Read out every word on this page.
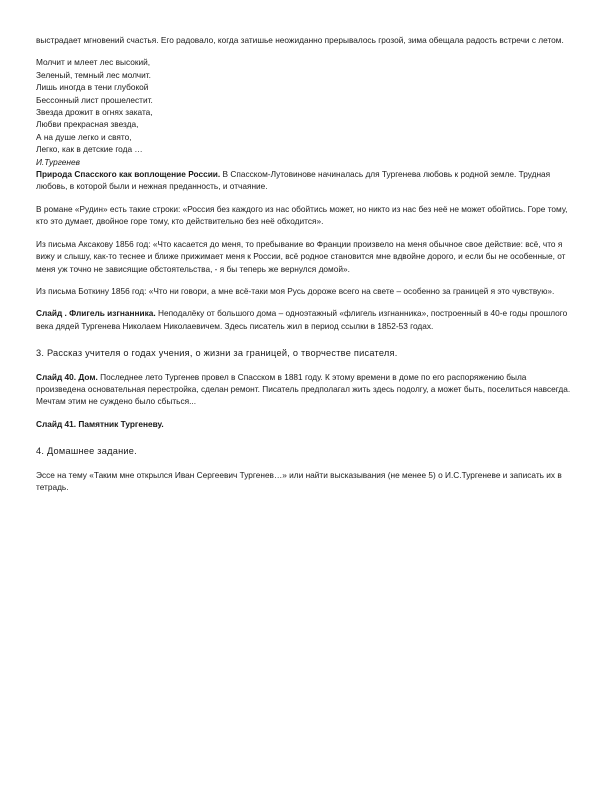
выстрадает мгновений счастья. Его радовало, когда затишье неожиданно прерывалось грозой, зима обещала радость встречи с летом.

Молчит и млеет лес высокий,
Зеленый, темный лес молчит.
Лишь иногда в тени глубокой
Бессонный лист прошелестит.
Звезда дрожит в огнях заката,
Любви прекрасная звезда,
А на душе легко и свято,
Легко, как в детские года …
И.Тургенев

Природа Спасского как воплощение России. В Спасском-Лутовинове начиналась для Тургенева любовь к родной земле. Трудная любовь, в которой были и нежная преданность, и отчаяние.

В романе «Рудин» есть такие строки: «Россия без каждого из нас обойтись может, но никто из нас без неё не может обойтись. Горе тому, кто это думает, двойное горе тому, кто действительно без неё обходится».

Из письма Аксакову 1856 год: «Что касается до меня, то пребывание во Франции произвело на меня обычное свое действие: всё, что я вижу и слышу, как-то теснее и ближе прижимает меня к России, всё родное становится мне вдвойне дорого, и если бы не особенные, от меня уж точно не зависящие обстоятельства, - я бы теперь же вернулся домой».

Из письма Боткину 1856 год: «Что ни говори, а мне всё-таки моя Русь дороже всего на свете – особенно за границей я это чувствую».

Слайд . Флигель изгнанника. Неподалёку от большого дома – одноэтажный «флигель изгнанника», построенный в 40-е годы прошлого века дядей Тургенева Николаем Николаевичем. Здесь писатель жил в период ссылки в 1852-53 годах.

3. Рассказ учителя о годах учения, о жизни за границей, о творчестве писателя.

Слайд 40. Дом. Последнее лето Тургенев провел в Спасском в 1881 году. К этому времени в доме по его распоряжению была произведена основательная перестройка, сделан ремонт. Писатель предполагал жить здесь подолгу, а может быть, поселиться навсегда. Мечтам этим не суждено было сбыться...

Слайд 41. Памятник Тургеневу.

4. Домашнее задание.

Эссе на тему «Таким мне открылся Иван Сергеевич Тургенев…» или найти высказывания (не менее 5) о И.С.Тургеневе и записать их в тетрадь.
